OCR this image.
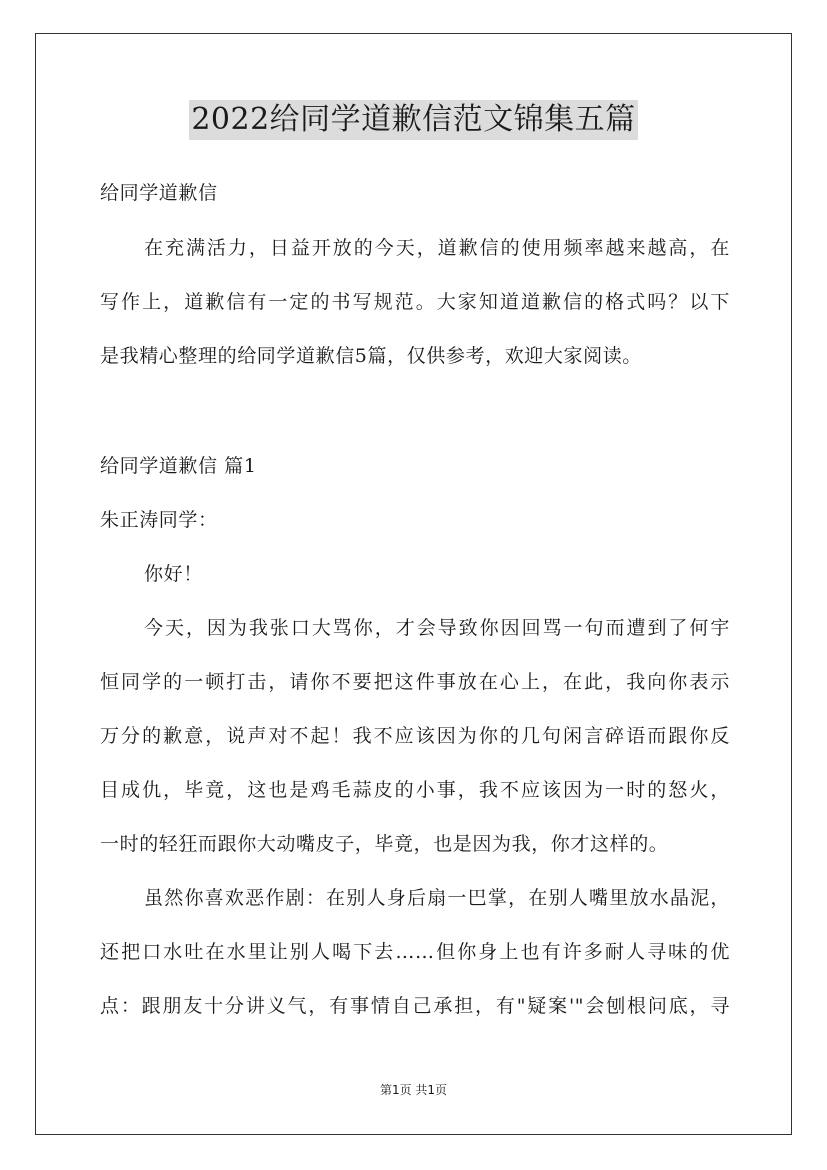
2022给同学道歉信范文锦集五篇
给同学道歉信
在充满活力，日益开放的今天，道歉信的使用频率越来越高，在
写作上，道歉信有一定的书写规范。大家知道道歉信的格式吗？以下
是我精心整理的给同学道歉信5篇，仅供参考，欢迎大家阅读。
给同学道歉信 篇1
朱正涛同学：
你好！
今天，因为我张口大骂你，才会导致你因回骂一句而遭到了何宇
恒同学的一顿打击，请你不要把这件事放在心上，在此，我向你表示
万分的歉意，说声对不起！我不应该因为你的几句闲言碎语而跟你反
目成仇，毕竟，这也是鸡毛蒜皮的小事，我不应该因为一时的怒火，
一时的轻狂而跟你大动嘴皮子，毕竟，也是因为我，你才这样的。
虽然你喜欢恶作剧：在别人身后扇一巴掌，在别人嘴里放水晶泥，
还把口水吐在水里让别人喝下去……但你身上也有许多耐人寻味的优
点：跟朋友十分讲义气，有事情自己承担，有"疑案'"会刨根问底，寻
第1页 共1页
